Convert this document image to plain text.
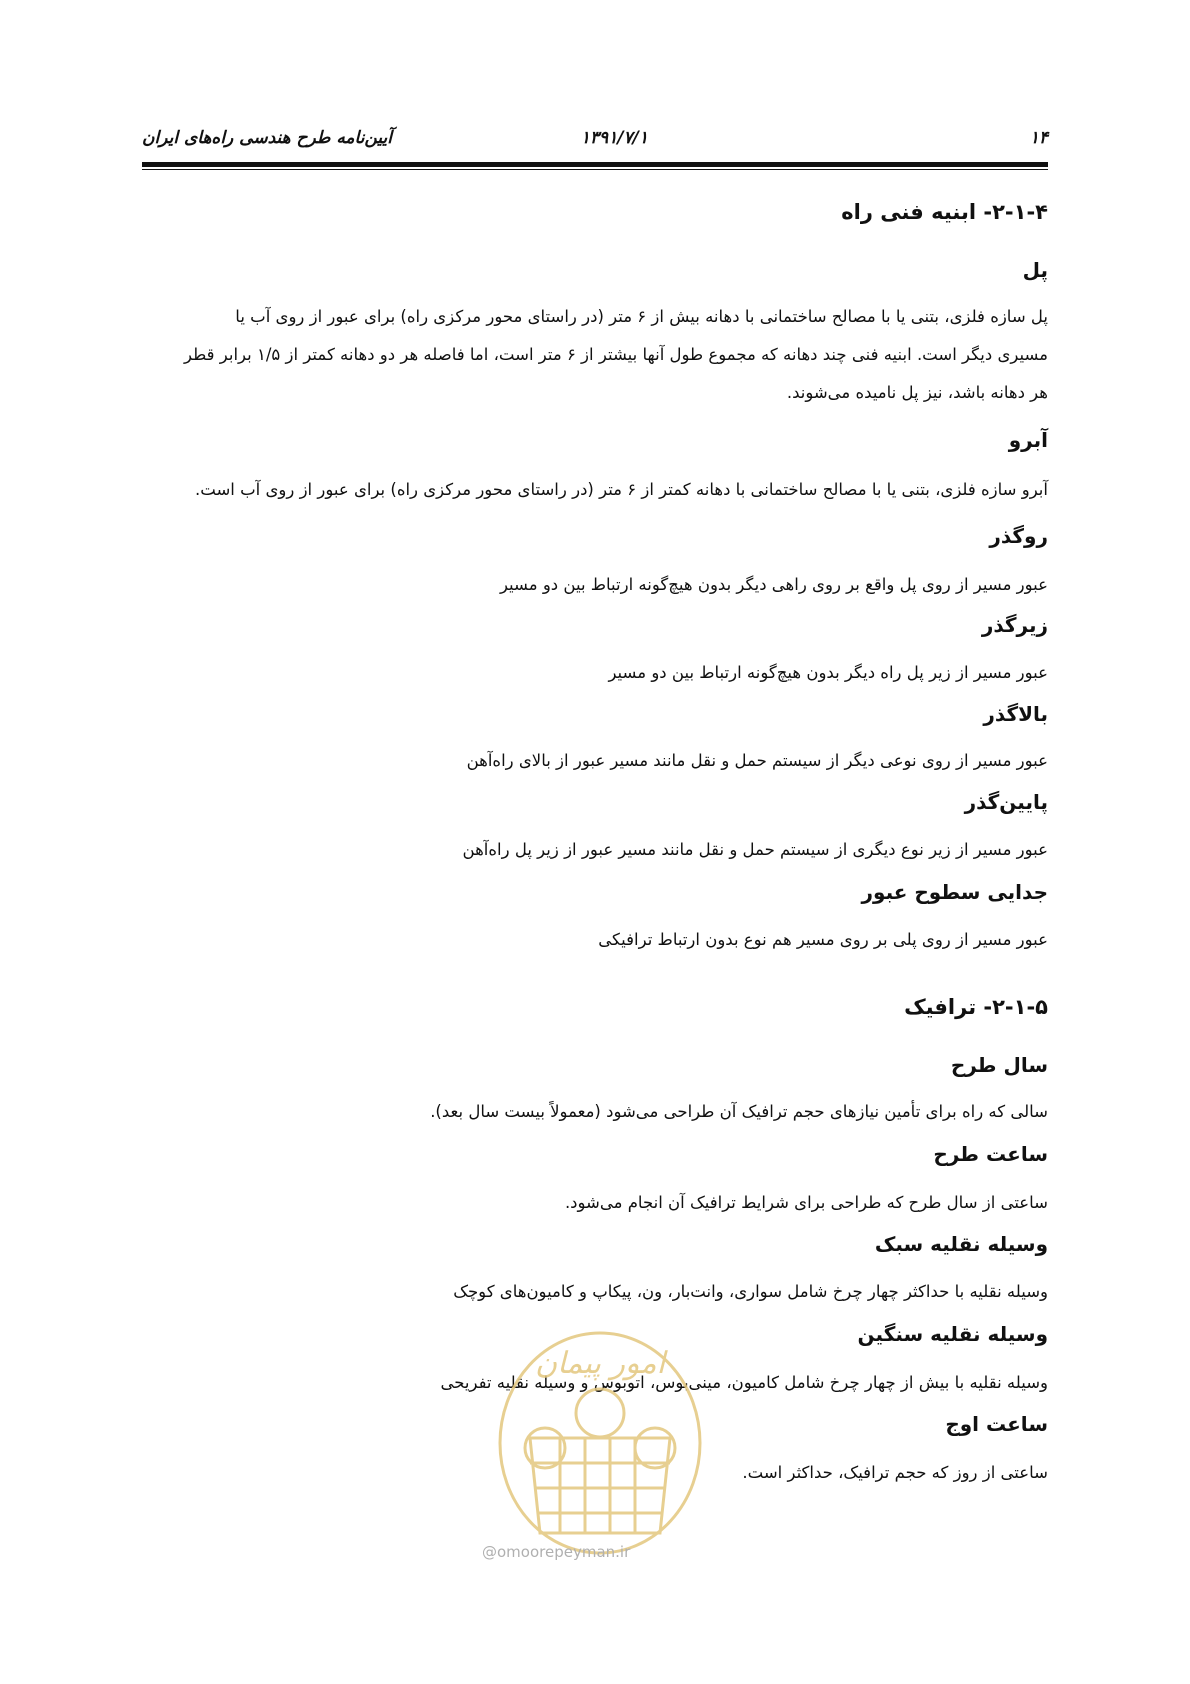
۱۴
۱۳۹۱/۷/۱
آیین‌نامه طرح هندسی راه‌های ایران
۲-۱-۴- ابنیه فنی راه
پل

پل سازه فلزی، بتنی یا با مصالح ساختمانی با دهانه بیش از ۶ متر (در راستای محور مرکزی راه) برای عبور از روی آب یا

مسیری دیگر است. ابنیه فنی چند دهانه که مجموع طول آنها بیشتر از ۶ متر است، اما فاصله هر دو دهانه کمتر از ۱/۵ برابر قطر

هر دهانه باشد، نیز پل نامیده می‌شوند.

آبرو
آبرو سازه فلزی، بتنی یا با مصالح ساختمانی با دهانه کمتر از ۶ متر (در راستای محور مرکزی راه) برای عبور از روی آب است.
روگذر
عبور مسیر از روی پل واقع بر روی راهی دیگر بدون هیچ‌گونه ارتباط بین دو مسیر
زیرگذر
عبور مسیر از زیر پل راه دیگر بدون هیچ‌گونه ارتباط بین دو مسیر
بالاگذر
عبور مسیر از روی نوعی دیگر از سیستم حمل و نقل مانند مسیر عبور از بالای راه‌آهن
پایین‌گذر
عبور مسیر از زیر نوع دیگری از سیستم حمل و نقل مانند مسیر عبور از زیر پل راه‌آهن
جدایی سطوح عبور
عبور مسیر از روی پلی بر روی مسیر هم نوع بدون ارتباط ترافیکی
۲-۱-۵- ترافیک
سال طرح
سالی که راه برای تأمین نیازهای حجم ترافیک آن طراحی می‌شود (معمولاً بیست سال بعد).
ساعت طرح
ساعتی از سال طرح که طراحی برای شرایط ترافیک آن انجام می‌شود.
وسیله نقلیه سبک
وسیله نقلیه با حداکثر چهار چرخ شامل سواری، وانت‌بار، ون، پیکاپ و کامیون‌های کوچک
وسیله نقلیه سنگین
وسیله نقلیه با بیش از چهار چرخ شامل کامیون، مینی‌بوس، اتوبوس و وسیله نقلیه تفریحی
ساعت اوج
ساعتی از روز که حجم ترافیک، حداکثر است.
امور پیمان
@omoorepeyman.ir
